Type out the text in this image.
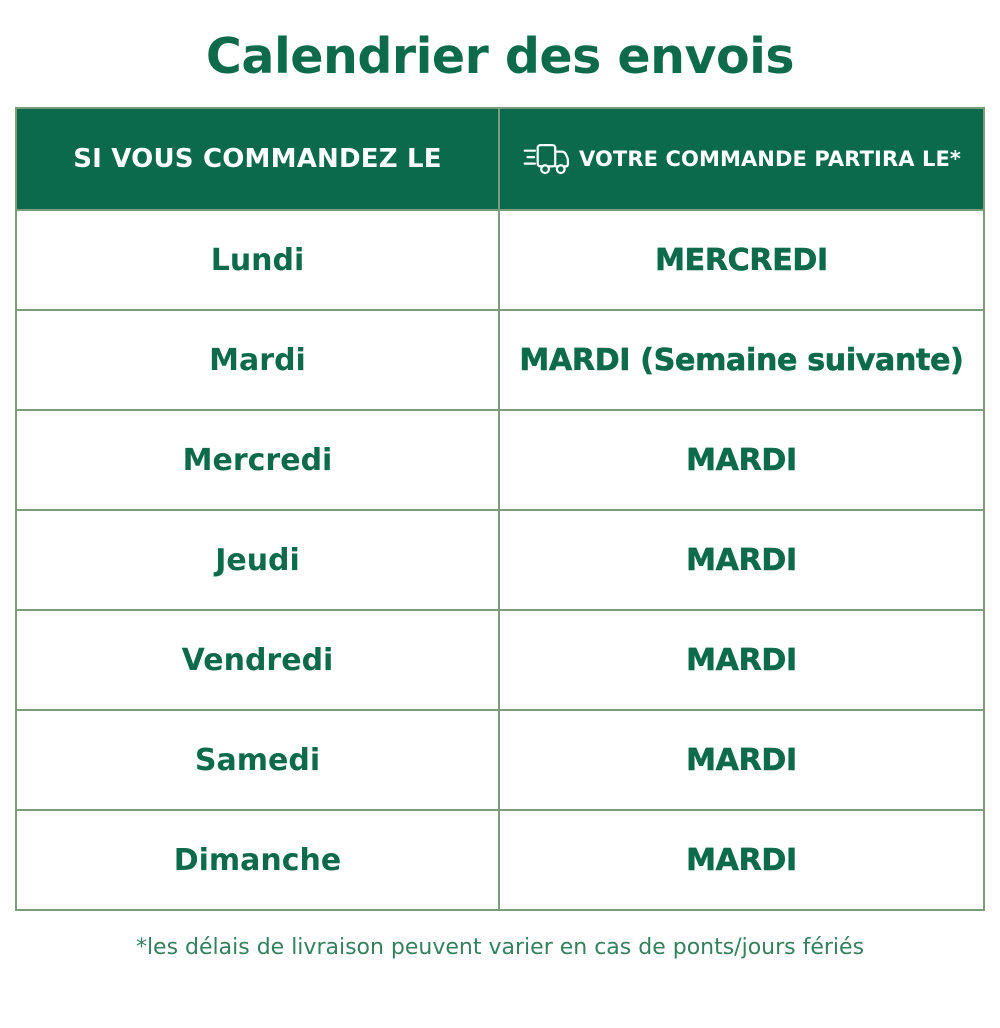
Calendrier des envois
SI VOUS COMMANDEZ LE	VOTRE COMMANDE PARTIRA LE*
Lundi	MERCREDI
Mardi	MARDI (Semaine suivante)
Mercredi	MARDI
Jeudi	MARDI
Vendredi	MARDI
Samedi	MARDI
Dimanche	MARDI

*les délais de livraison peuvent varier en cas de ponts/jours fériés
